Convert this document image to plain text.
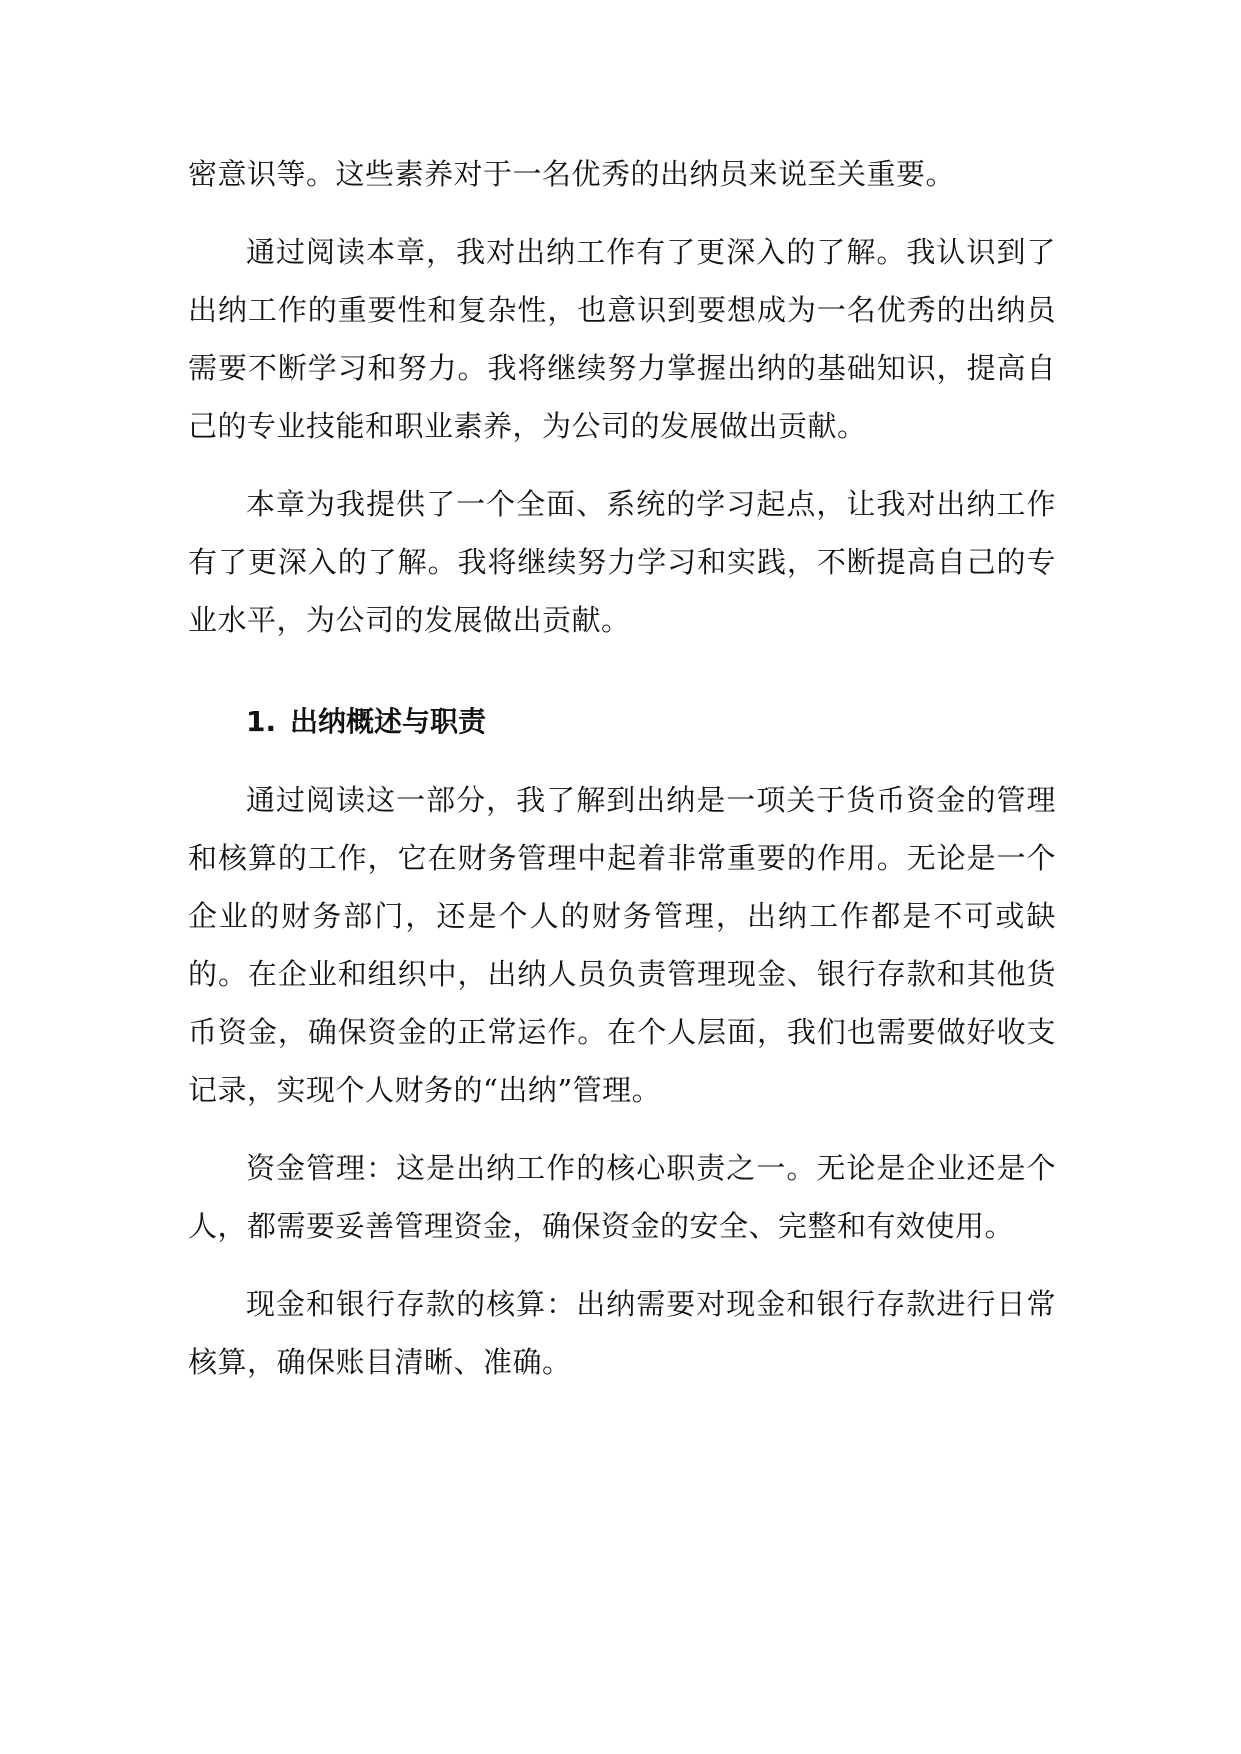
密意识等。这些素养对于一名优秀的出纳员来说至关重要。

通过阅读本章，我对出纳工作有了更深入的了解。我认识到了出纳工作的重要性和复杂性，也意识到要想成为一名优秀的出纳员需要不断学习和努力。我将继续努力掌握出纳的基础知识，提高自己的专业技能和职业素养，为公司的发展做出贡献。

本章为我提供了一个全面、系统的学习起点，让我对出纳工作有了更深入的了解。我将继续努力学习和实践，不断提高自己的专业水平，为公司的发展做出贡献。

1. 出纳概述与职责

通过阅读这一部分，我了解到出纳是一项关于货币资金的管理和核算的工作，它在财务管理中起着非常重要的作用。无论是一个企业的财务部门，还是个人的财务管理，出纳工作都是不可或缺的。在企业和组织中，出纳人员负责管理现金、银行存款和其他货币资金，确保资金的正常运作。在个人层面，我们也需要做好收支记录，实现个人财务的“出纳”管理。

资金管理：这是出纳工作的核心职责之一。无论是企业还是个人，都需要妥善管理资金，确保资金的安全、完整和有效使用。

现金和银行存款的核算：出纳需要对现金和银行存款进行日常核算，确保账目清晰、准确。
